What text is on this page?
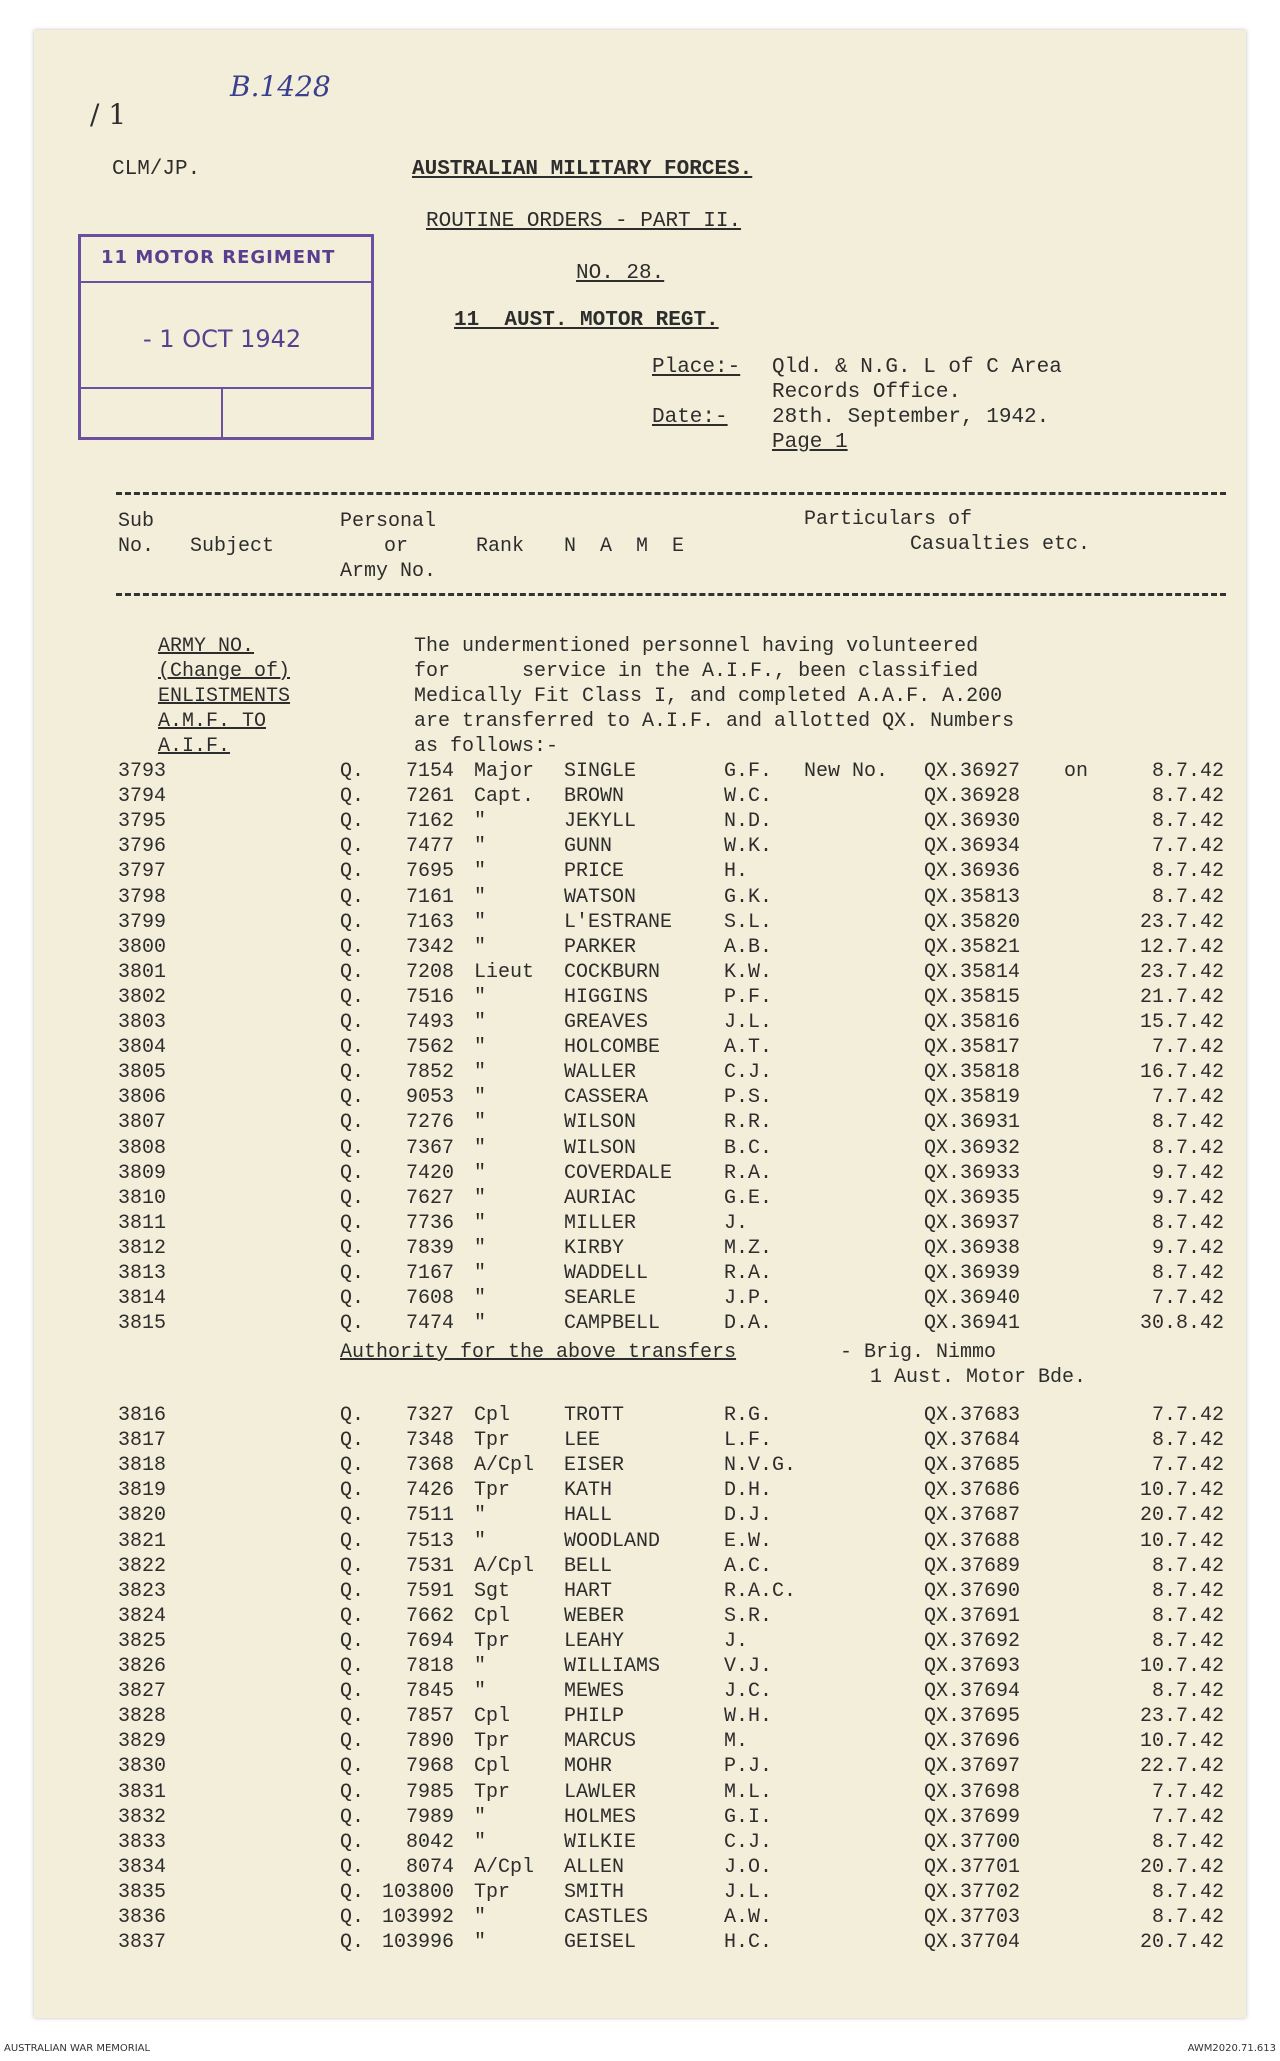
B.1428
/ 1
CLM/JP.	AUSTRALIAN MILITARY FORCES.
ROUTINE ORDERS - PART II.
NO. 28.
11  AUST. MOTOR REGT.
11 MOTOR REGIMENT
- 1 OCT 1942
Place:- Qld. & N.G. L of C Area
Records Office.
Date:- 28th. September, 1942.
Page 1
Sub
No. Subject
Personal
or
Army No.
Rank N  A  M  E
Particulars of
Casualties etc.
ARMY NO.
(Change of)
ENLISTMENTS
A.M.F. TO
A.I.F.
The undermentioned personnel having volunteered
for      service in the A.I.F., been classified
Medically Fit Class I, and completed A.A.F. A.200
are transferred to A.I.F. and allotted QX. Numbers
as follows:-
3793	Q.	7154 Major SINGLE	G.F. New No. QX.36927 on	8.7.42
3794	Q.	7261 Capt. BROWN	W.C.	QX.36928	8.7.42
3795	Q.	7162 "	JEKYLL	N.D.	QX.36930	8.7.42
3796	Q.	7477 "	GUNN	W.K.	QX.36934	7.7.42
3797	Q.	7695 "	PRICE	H.	QX.36936	8.7.42
3798	Q.	7161 "	WATSON	G.K.	QX.35813	8.7.42
3799	Q.	7163 "	L'ESTRANE	S.L.	QX.35820	23.7.42
3800	Q.	7342 "	PARKER	A.B.	QX.35821	12.7.42
3801	Q.	7208 Lieut COCKBURN	K.W.	QX.35814	23.7.42
3802	Q.	7516 "	HIGGINS	P.F.	QX.35815	21.7.42
3803	Q.	7493 "	GREAVES	J.L.	QX.35816	15.7.42
3804	Q.	7562 "	HOLCOMBE	A.T.	QX.35817	7.7.42
3805	Q.	7852 "	WALLER	C.J.	QX.35818	16.7.42
3806	Q.	9053 "	CASSERA	P.S.	QX.35819	7.7.42
3807	Q.	7276 "	WILSON	R.R.	QX.36931	8.7.42
3808	Q.	7367 "	WILSON	B.C.	QX.36932	8.7.42
3809	Q.	7420 "	COVERDALE	R.A.	QX.36933	9.7.42
3810	Q.	7627 "	AURIAC	G.E.	QX.36935	9.7.42
3811	Q.	7736 "	MILLER	J.	QX.36937	8.7.42
3812	Q.	7839 "	KIRBY	M.Z.	QX.36938	9.7.42
3813	Q.	7167 "	WADDELL	R.A.	QX.36939	8.7.42
3814	Q.	7608 "	SEARLE	J.P.	QX.36940	7.7.42
3815	Q.	7474 "	CAMPBELL	D.A.	QX.36941	30.8.42
Authority for the above transfers	- Brig. Nimmo
1 Aust. Motor Bde.
3816	Q.	7327 Cpl	TROTT	R.G.	QX.37683	7.7.42
3817	Q.	7348 Tpr	LEE	L.F.	QX.37684	8.7.42
3818	Q.	7368 A/Cpl EISER	N.V.G.	QX.37685	7.7.42
3819	Q.	7426 Tpr	KATH	D.H.	QX.37686	10.7.42
3820	Q.	7511 "	HALL	D.J.	QX.37687	20.7.42
3821	Q.	7513 "	WOODLAND	E.W.	QX.37688	10.7.42
3822	Q.	7531 A/Cpl BELL	A.C.	QX.37689	8.7.42
3823	Q.	7591 Sgt	HART	R.A.C.	QX.37690	8.7.42
3824	Q.	7662 Cpl	WEBER	S.R.	QX.37691	8.7.42
3825	Q.	7694 Tpr	LEAHY	J.	QX.37692	8.7.42
3826	Q.	7818 "	WILLIAMS	V.J.	QX.37693	10.7.42
3827	Q.	7845 "	MEWES	J.C.	QX.37694	8.7.42
3828	Q.	7857 Cpl	PHILP	W.H.	QX.37695	23.7.42
3829	Q.	7890 Tpr	MARCUS	M.	QX.37696	10.7.42
3830	Q.	7968 Cpl	MOHR	P.J.	QX.37697	22.7.42
3831	Q.	7985 Tpr	LAWLER	M.L.	QX.37698	7.7.42
3832	Q.	7989 "	HOLMES	G.I.	QX.37699	7.7.42
3833	Q.	8042 "	WILKIE	C.J.	QX.37700	8.7.42
3834	Q.	8074 A/Cpl ALLEN	J.O.	QX.37701	20.7.42
3835	Q. 103800 Tpr	SMITH	J.L.	QX.37702	8.7.42
3836	Q. 103992 "	CASTLES	A.W.	QX.37703	8.7.42
3837	Q. 103996 "	GEISEL	H.C.	QX.37704	20.7.42
AUSTRALIAN WAR MEMORIAL	AWM2020.71.613
